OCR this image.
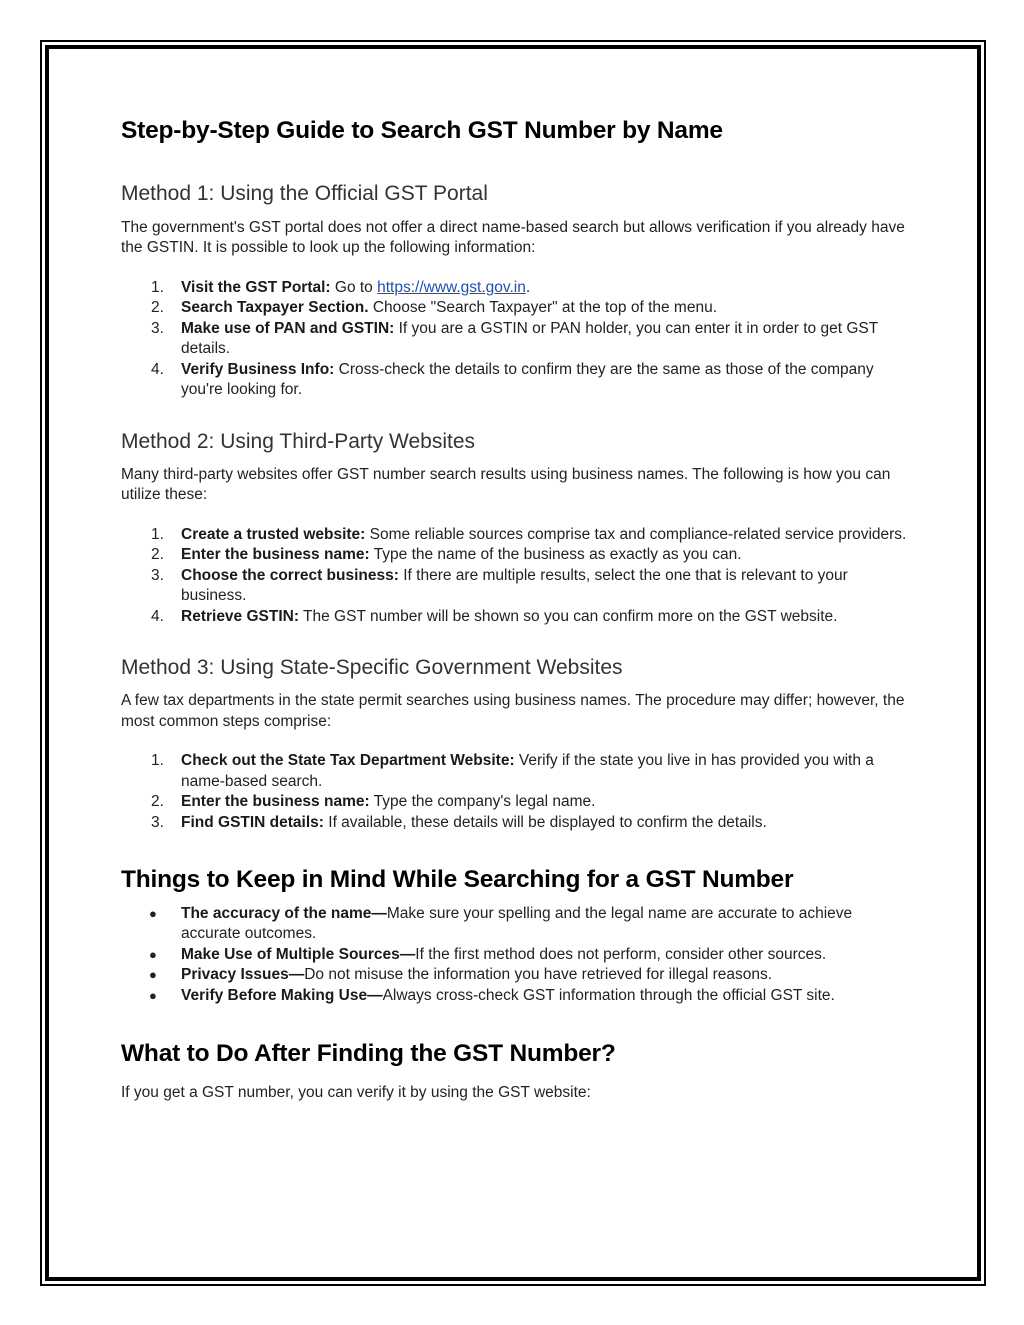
Step-by-Step Guide to Search GST Number by Name
Method 1: Using the Official GST Portal

The government's GST portal does not offer a direct name-based search but allows verification if you already have the GSTIN. It is possible to look up the following information:

1. Visit the GST Portal: Go to https://www.gst.gov.in.
2. Search Taxpayer Section. Choose "Search Taxpayer" at the top of the menu.
3. Make use of PAN and GSTIN: If you are a GSTIN or PAN holder, you can enter it in order to get GST details.
4. Verify Business Info: Cross-check the details to confirm they are the same as those of the company you're looking for.
Method 2: Using Third-Party Websites

Many third-party websites offer GST number search results using business names. The following is how you can utilize these:

1. Create a trusted website: Some reliable sources comprise tax and compliance-related service providers.
2. Enter the business name: Type the name of the business as exactly as you can.
3. Choose the correct business: If there are multiple results, select the one that is relevant to your business.
4. Retrieve GSTIN: The GST number will be shown so you can confirm more on the GST website.
Method 3: Using State-Specific Government Websites

A few tax departments in the state permit searches using business names. The procedure may differ; however, the most common steps comprise:

1. Check out the State Tax Department Website: Verify if the state you live in has provided you with a name-based search.
2. Enter the business name: Type the company's legal name.
3. Find GSTIN details: If available, these details will be displayed to confirm the details.
Things to Keep in Mind While Searching for a GST Number
● The accuracy of the name—Make sure your spelling and the legal name are accurate to achieve accurate outcomes.
● Make Use of Multiple Sources—If the first method does not perform, consider other sources.
● Privacy Issues—Do not misuse the information you have retrieved for illegal reasons.
● Verify Before Making Use—Always cross-check GST information through the official GST site.
What to Do After Finding the GST Number?

If you get a GST number, you can verify it by using the GST website:
